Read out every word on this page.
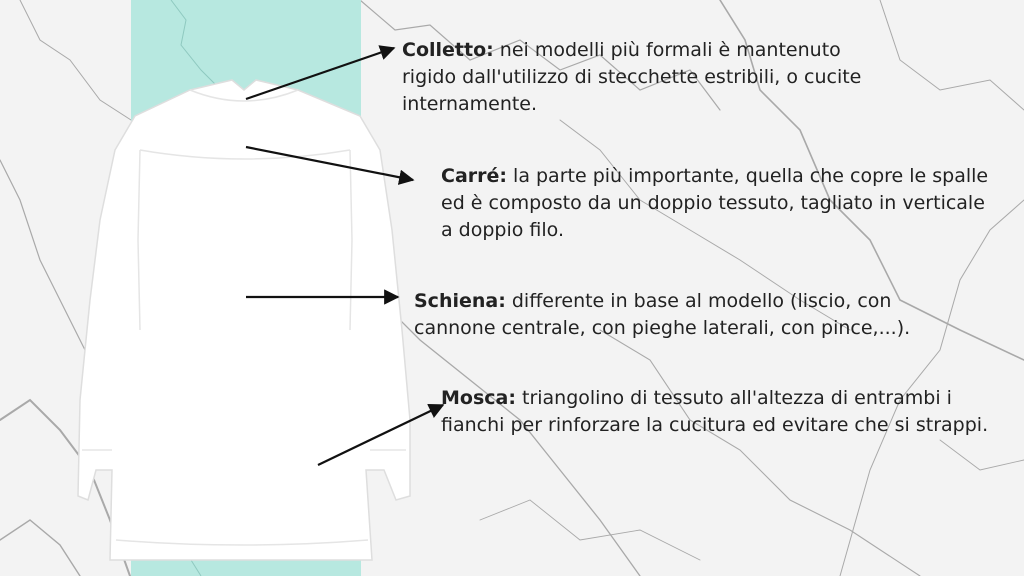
Colletto: nei modelli più formali è mantenuto rigido dall'utilizzo di stecchette estribili, o cucite internamente.
Carré: la parte più importante, quella che copre le spalle ed è composto da un doppio tessuto, tagliato in verticale a doppio filo.
Schiena: differente in base al modello (liscio, con cannone centrale, con pieghe laterali, con pince,...).
Mosca: triangolino di tessuto all'altezza di entrambi i fianchi per rinforzare la cucitura ed evitare che si strappi.
